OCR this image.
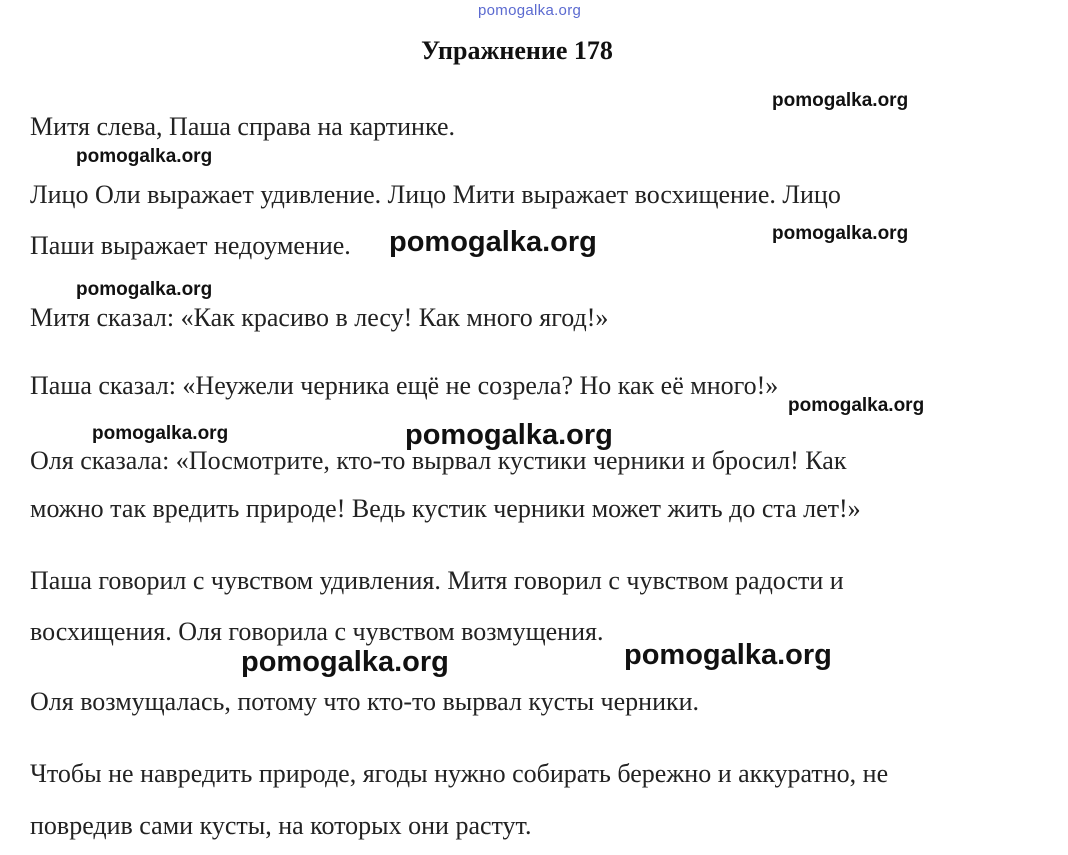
pomogalka.org
Упражнение 178
Митя слева, Паша справа на картинке.
Лицо Оли выражает удивление. Лицо Мити выражает восхищение. Лицо
Паши выражает недоумение.
Митя сказал: «Как красиво в лесу! Как много ягод!»
Паша сказал: «Неужели черника ещё не созрела? Но как её много!»
Оля сказала: «Посмотрите, кто-то вырвал кустики черники и бросил! Как
можно так вредить природе! Ведь кустик черники может жить до ста лет!»
Паша говорил с чувством удивления. Митя говорил с чувством радости и
восхищения. Оля говорила с чувством возмущения.
Оля возмущалась, потому что кто-то вырвал кусты черники.
Чтобы не навредить природе, ягоды нужно собирать бережно и аккуратно, не
повредив сами кусты, на которых они растут.
pomogalka.org
pomogalka.org
pomogalka.org	pomogalka.org
pomogalka.org
pomogalka.org
pomogalka.org	pomogalka.org
pomogalka.org	pomogalka.org
